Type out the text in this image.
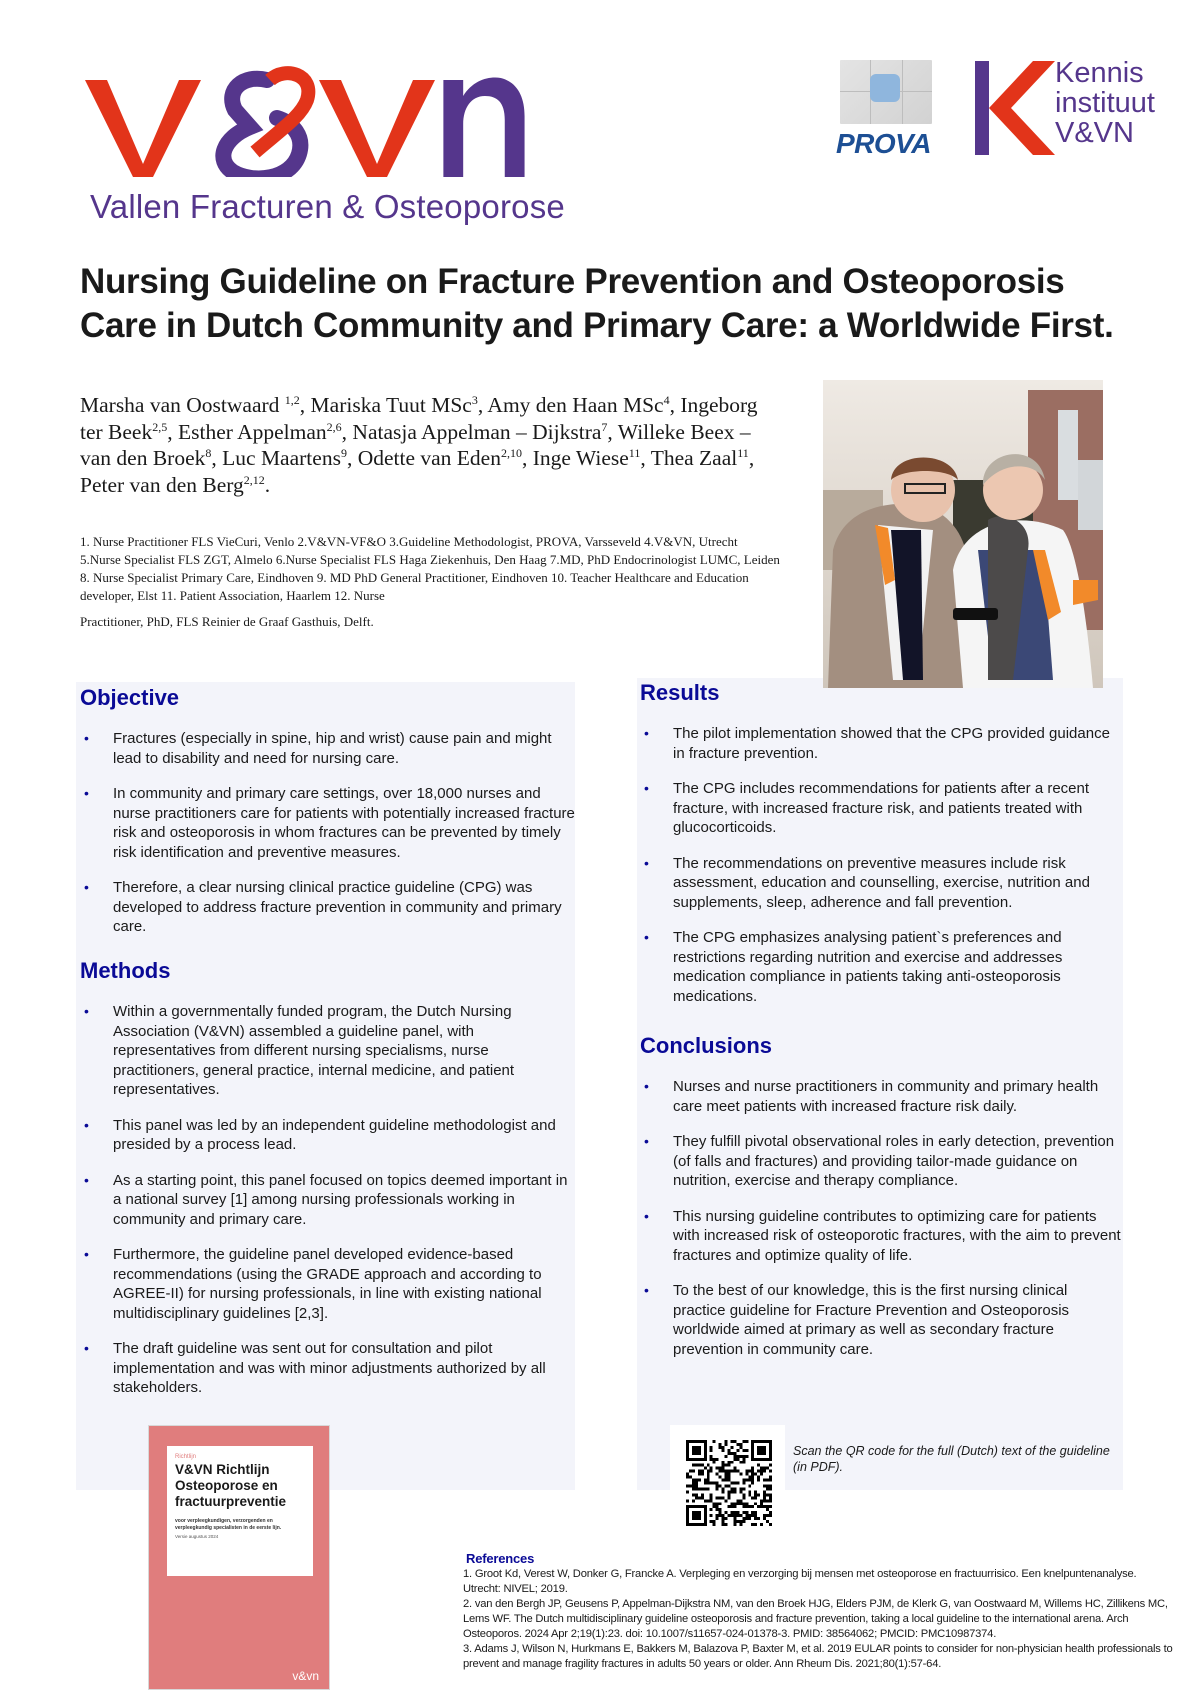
Vallen Fracturen & Osteoporose
PROVA
Kennis
instituut
V&VN
Nursing Guideline on Fracture Prevention and Osteoporosis
Care in Dutch Community and Primary Care: a Worldwide First.
Marsha van Oostwaard $^{1,2}$, Mariska Tuut MSc$^3$, Amy den Haan MSc$^4$, Ingeborg ter Beek$^{2,5}$, Esther Appelman$^{2,6}$, Natasja Appelman – Dijkstra$^7$, Willeke Beex – van den Broek$^8$, Luc Maartens$^9$, Odette van Eden$^{2,10}$, Inge Wiese$^{11}$, Thea Zaal$^{11}$, Peter van den Berg$^{2,12}$.
1. Nurse Practitioner FLS VieCuri, Venlo 2.V&VN-VF&O 3.Guideline Methodologist, PROVA, Varsseveld 4.V&VN, Utrecht 5.Nurse Specialist FLS ZGT, Almelo 6.Nurse Specialist FLS Haga Ziekenhuis, Den Haag 7.MD, PhD Endocrinologist LUMC, Leiden 8. Nurse Specialist Primary Care, Eindhoven 9. MD PhD General Practitioner, Eindhoven 10. Teacher Healthcare and Education developer, Elst 11. Patient Association, Haarlem 12. Nurse
Practitioner, PhD, FLS Reinier de Graaf Gasthuis, Delft.
Objective
• Fractures (especially in spine, hip and wrist) cause pain and might lead to disability and need for nursing care.
• In community and primary care settings, over 18,000 nurses and nurse practitioners care for patients with potentially increased fracture risk and osteoporosis in whom fractures can be prevented by timely risk identification and preventive measures.
• Therefore, a clear nursing clinical practice guideline (CPG) was developed to address fracture prevention in community and primary care.
Methods
• Within a governmentally funded program, the Dutch Nursing Association (V&VN) assembled a guideline panel, with representatives from different nursing specialisms, nurse practitioners, general practice, internal medicine, and patient representatives.
• This panel was led by an independent guideline methodologist and presided by a process lead.
• As a starting point, this panel focused on topics deemed important in a national survey [1] among nursing professionals working in community and primary care.
• Furthermore, the guideline panel developed evidence-based recommendations (using the GRADE approach and according to AGREE-II) for nursing professionals, in line with existing national multidisciplinary guidelines [2,3].
• The draft guideline was sent out for consultation and pilot implementation and was with minor adjustments authorized by all stakeholders.
Results
• The pilot implementation showed that the CPG provided guidance in fracture prevention.
• The CPG includes recommendations for patients after a recent fracture, with increased fracture risk, and patients treated with glucocorticoids.
• The recommendations on preventive measures include risk assessment, education and counselling, exercise, nutrition and supplements, sleep, adherence and fall prevention.
• The CPG emphasizes analysing patient`s preferences and restrictions regarding nutrition and exercise and addresses medication compliance in patients taking anti-osteoporosis medications.
Conclusions
• Nurses and nurse practitioners in community and primary health care meet patients with increased fracture risk daily.
• They fulfill pivotal observational roles in early detection, prevention (of falls and fractures) and providing tailor-made guidance on nutrition, exercise and therapy compliance.
• This nursing guideline contributes to optimizing care for patients with increased risk of osteoporotic fractures, with the aim to prevent fractures and optimize quality of life.
• To the best of our knowledge, this is the first nursing clinical practice guideline for Fracture Prevention and Osteoporosis worldwide aimed at primary as well as secondary fracture prevention in community care.
Richtlijn
V&VN Richtlijn Osteoporose en fractuurpreventie
voor verpleegkundigen, verzorgenden en verpleegkundig specialisten in de eerste lijn.
Versie augustus 2024
v&vn
Scan the QR code for the full (Dutch) text of the guideline (in PDF).
References
1. Groot Kd, Verest W, Donker G, Francke A. Verpleging en verzorging bij mensen met osteoporose en fractuurrisico. Een knelpuntenanalyse. Utrecht: NIVEL; 2019.
2. van den Bergh JP, Geusens P, Appelman-Dijkstra NM, van den Broek HJG, Elders PJM, de Klerk G, van Oostwaard M, Willems HC, Zillikens MC, Lems WF. The Dutch multidisciplinary guideline osteoporosis and fracture prevention, taking a local guideline to the international arena. Arch Osteoporos. 2024 Apr 2;19(1):23. doi: 10.1007/s11657-024-01378-3. PMID: 38564062; PMCID: PMC10987374.
3. Adams J, Wilson N, Hurkmans E, Bakkers M, Balazova P, Baxter M, et al. 2019 EULAR points to consider for non-physician health professionals to prevent and manage fragility fractures in adults 50 years or older. Ann Rheum Dis. 2021;80(1):57-64.
